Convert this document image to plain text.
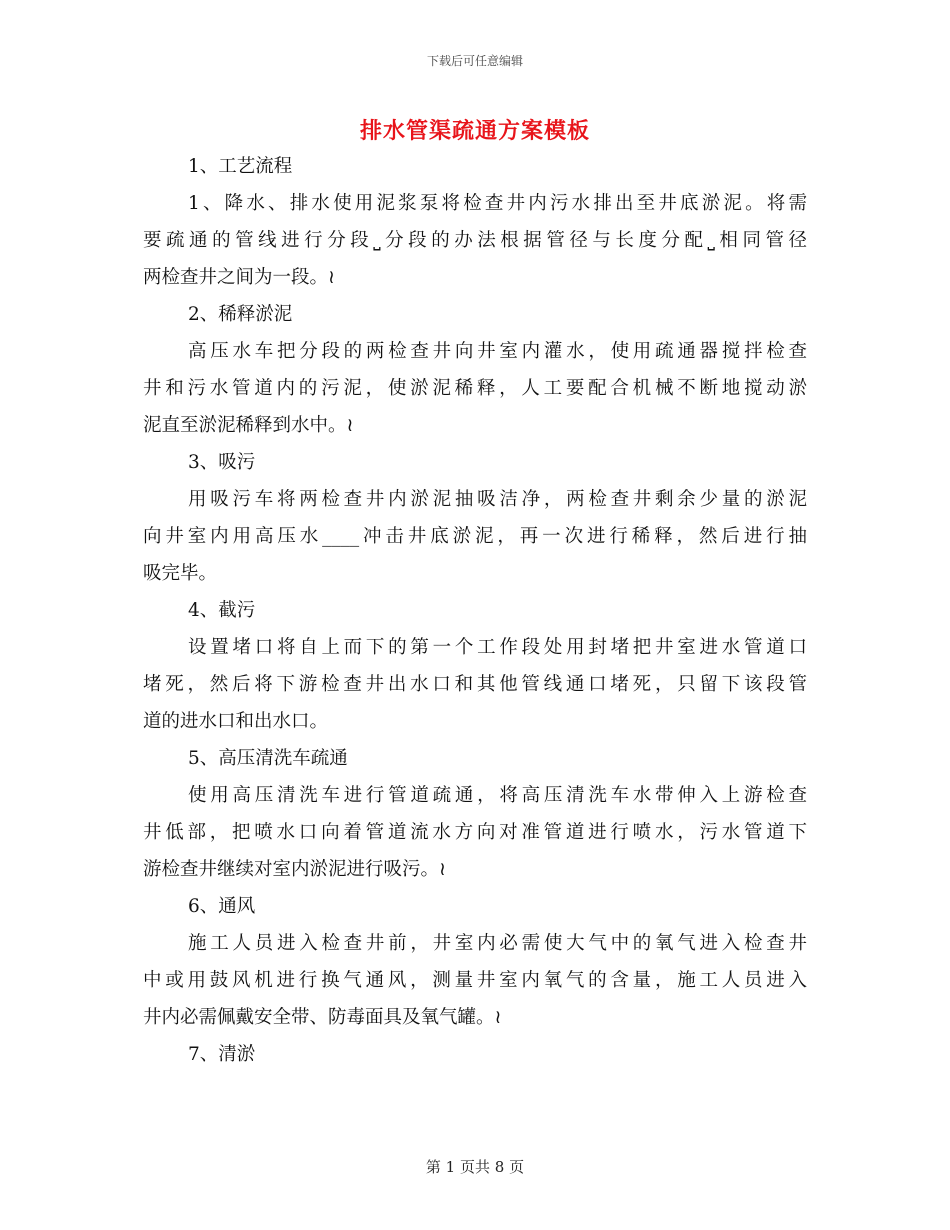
下载后可任意编辑
排水管渠疏通方案模板
1、工艺流程
1、降水、排水使用泥浆泵将检查井内污水排出至井底淤泥。将需
要疏通的管线进行分段⎵分段的办法根据管径与长度分配⎵相同管径
两检查井之间为一段。≀
2、稀释淤泥
高压水车把分段的两检查井向井室内灌水，使用疏通器搅拌检查
井和污水管道内的污泥，使淤泥稀释，人工要配合机械不断地搅动淤
泥直至淤泥稀释到水中。≀
3、吸污
用吸污车将两检查井内淤泥抽吸洁净，两检查井剩余少量的淤泥
向井室内用高压水____冲击井底淤泥，再一次进行稀释，然后进行抽
吸完毕。
4、截污
设置堵口将自上而下的第一个工作段处用封堵把井室进水管道口
堵死，然后将下游检查井出水口和其他管线通口堵死，只留下该段管
道的进水口和出水口。
5、高压清洗车疏通
使用高压清洗车进行管道疏通，将高压清洗车水带伸入上游检查
井低部，把喷水口向着管道流水方向对准管道进行喷水，污水管道下
游检查井继续对室内淤泥进行吸污。≀
6、通风
施工人员进入检查井前，井室内必需使大气中的氧气进入检查井
中或用鼓风机进行换气通风，测量井室内氧气的含量，施工人员进入
井内必需佩戴安全带、防毒面具及氧气罐。≀
7、清淤
第 1 页共 8 页
